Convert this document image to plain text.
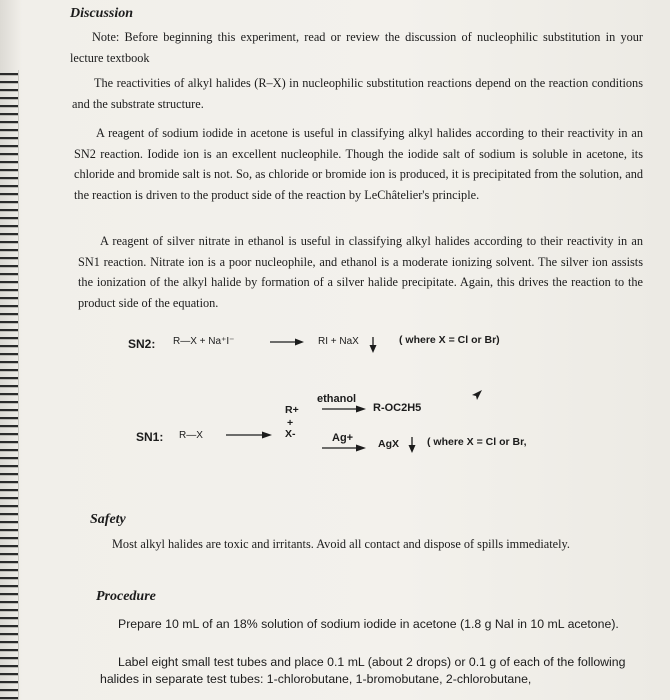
Discussion

Note: Before beginning this experiment, read or review the discussion of nucleophilic substitution in your lecture textbook

The reactivities of alkyl halides (R–X) in nucleophilic substitution reactions depend on the reaction conditions and the substrate structure.

A reagent of sodium iodide in acetone is useful in classifying alkyl halides according to their reactivity in an SN2 reaction. Iodide ion is an excellent nucleophile. Though the iodide salt of sodium is soluble in acetone, its chloride and bromide salt is not. So, as chloride or bromide ion is produced, it is precipitated from the solution, and the reaction is driven to the product side of the reaction by LeChâtelier's principle.

A reagent of silver nitrate in ethanol is useful in classifying alkyl halides according to their reactivity in an SN1 reaction. Nitrate ion is a poor nucleophile, and ethanol is a moderate ionizing solvent. The silver ion assists the ionization of the alkyl halide by formation of a silver halide precipitate. Again, this drives the reaction to the product side of the equation.

SN2: R—X + Na⁺I⁻	RI + NaX	( where X = Cl or Br)
SN1: R—X
R+
+
X-
ethanol
R-OC2H5
Ag+ AgX	( where X = Cl or Br,
Safety

Most alkyl halides are toxic and irritants. Avoid all contact and dispose of spills immediately.

Procedure

Prepare 10 mL of an 18% solution of sodium iodide in acetone (1.8 g NaI in 10 mL acetone).

Label eight small test tubes and place 0.1 mL (about 2 drops) or 0.1 g of each of the following halides in separate test tubes: 1-chlorobutane, 1-bromobutane, 2-chlorobutane,
